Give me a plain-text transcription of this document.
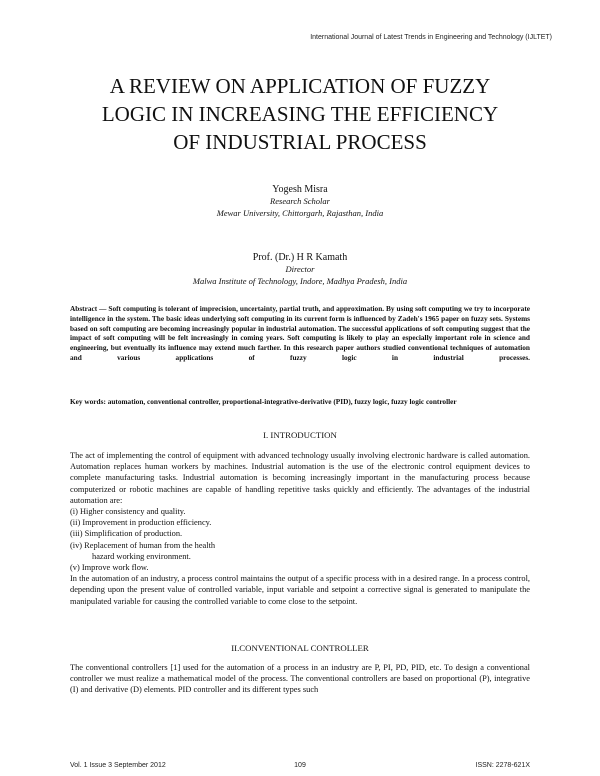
International Journal of Latest Trends in Engineering and Technology (IJLTET)
A REVIEW ON APPLICATION OF FUZZY
LOGIC IN INCREASING THE EFFICIENCY
OF INDUSTRIAL PROCESS
Yogesh Misra
Research Scholar
Mewar University, Chittorgarh, Rajasthan, India
Prof. (Dr.) H R Kamath
Director
Malwa Institute of Technology, Indore, Madhya Pradesh, India
Abstract — Soft computing is tolerant of imprecision, uncertainty, partial truth, and approximation. By using soft computing we try to incorporate intelligence in the system. The basic ideas underlying soft computing in its current form is influenced by Zadeh's 1965 paper on fuzzy sets. Systems based on soft computing are becoming increasingly popular in industrial automation. The successful applications of soft computing suggest that the impact of soft computing will be felt increasingly in coming years. Soft computing is likely to play an especially important role in science and engineering, but eventually its influence may extend much farther. In this research paper authors studied conventional techniques of automation and various applications of fuzzy logic in industrial processes.
Key words: automation, conventional controller, proportional-integrative-derivative (PID), fuzzy logic, fuzzy logic controller
I. INTRODUCTION

The act of implementing the control of equipment with advanced technology usually involving electronic hardware is called automation. Automation replaces human workers by machines. Industrial automation is the use of the electronic control equipment devices to complete manufacturing tasks. Industrial automation is becoming increasingly important in the manufacturing process because computerized or robotic machines are capable of handling repetitive tasks quickly and efficiently. The advantages of the industrial automation are:

(i) Higher consistency and quality.
(ii) Improvement in production efficiency.
(iii) Simplification of production.
(iv) Replacement of human from the health
hazard working environment.
(v) Improve work flow.

In the automation of an industry, a process control maintains the output of a specific process with in a desired range. In a process control, depending upon the present value of controlled variable, input variable and setpoint a corrective signal is generated to manipulate the manipulated variable for causing the controlled variable to come close to the setpoint.

II.CONVENTIONAL CONTROLLER

The conventional controllers [1] used for the automation of a process in an industry are P, PI, PD, PID, etc. To design a conventional controller we must realize a mathematical model of the process. The conventional controllers are based on proportional (P), integrative (I) and derivative (D) elements. PID controller and its different types such

Vol. 1 Issue 3 September 2012	109	ISSN: 2278-621X
